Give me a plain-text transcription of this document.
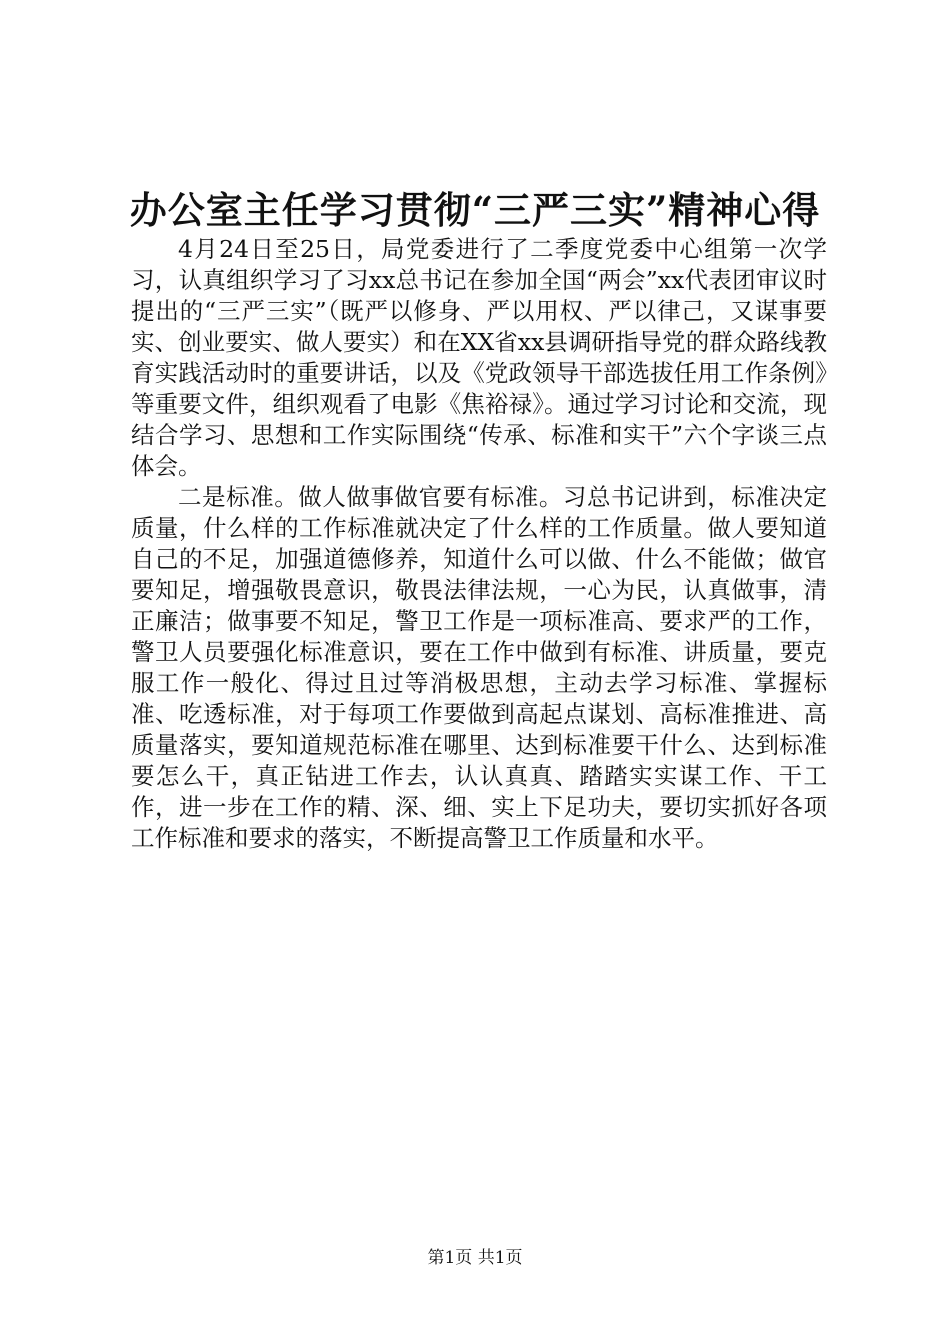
办公室主任学习贯彻“三严三实”精神心得

4月24日至25日，局党委进行了二季度党委中心组第一次学习，认真组织学习了习xx总书记在参加全国“两会”xx代表团审议时提出的“三严三实”（既严以修身、严以用权、严以律己，又谋事要实、创业要实、做人要实）和在XX省xx县调研指导党的群众路线教育实践活动时的重要讲话，以及《党政领导干部选拔任用工作条例》等重要文件，组织观看了电影《焦裕禄》。通过学习讨论和交流，现结合学习、思想和工作实际围绕“传承、标准和实干”六个字谈三点体会。

二是标准。做人做事做官要有标准。习总书记讲到，标准决定质量，什么样的工作标准就决定了什么样的工作质量。做人要知道自己的不足，加强道德修养，知道什么可以做、什么不能做；做官要知足，增强敬畏意识，敬畏法律法规，一心为民，认真做事，清正廉洁；做事要不知足，警卫工作是一项标准高、要求严的工作，警卫人员要强化标准意识，要在工作中做到有标准、讲质量，要克服工作一般化、得过且过等消极思想，主动去学习标准、掌握标准、吃透标准，对于每项工作要做到高起点谋划、高标准推进、高质量落实，要知道规范标准在哪里、达到标准要干什么、达到标准要怎么干，真正钻进工作去，认认真真、踏踏实实谋工作、干工作，进一步在工作的精、深、细、实上下足功夫，要切实抓好各项工作标准和要求的落实，不断提高警卫工作质量和水平。

第1页 共1页
